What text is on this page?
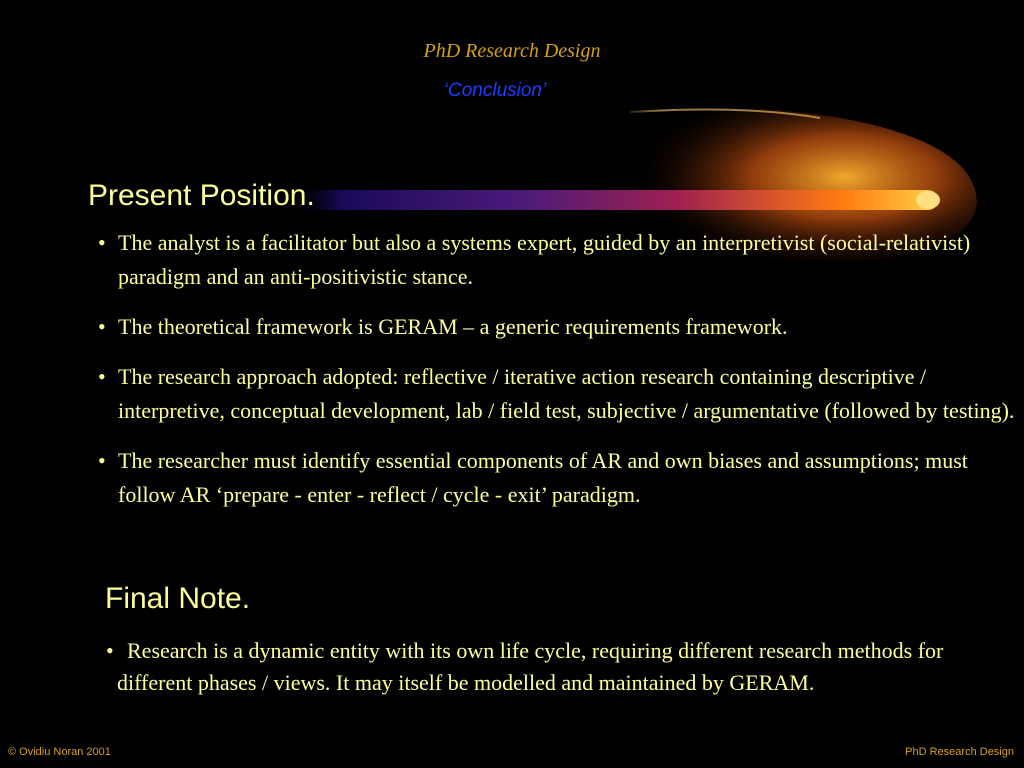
PhD Research Design
‘Conclusion’
Present Position.
• The analyst is a facilitator but also a systems expert, guided by an interpretivist (social-relativist) paradigm and an anti-positivistic stance.
• The theoretical framework is GERAM – a generic requirements framework.
• The research approach adopted: reflective / iterative action research containing descriptive / interpretive, conceptual development, lab / field test, subjective / argumentative (followed by testing).
• The researcher must identify essential components of AR and own biases and assumptions; must follow AR ‘prepare - enter - reflect / cycle - exit’ paradigm.
Final Note.
• Research is a dynamic entity with its own life cycle, requiring different research methods for different phases / views. It may itself be modelled and maintained by GERAM.
© Ovidiu Noran 2001	PhD Research Design
